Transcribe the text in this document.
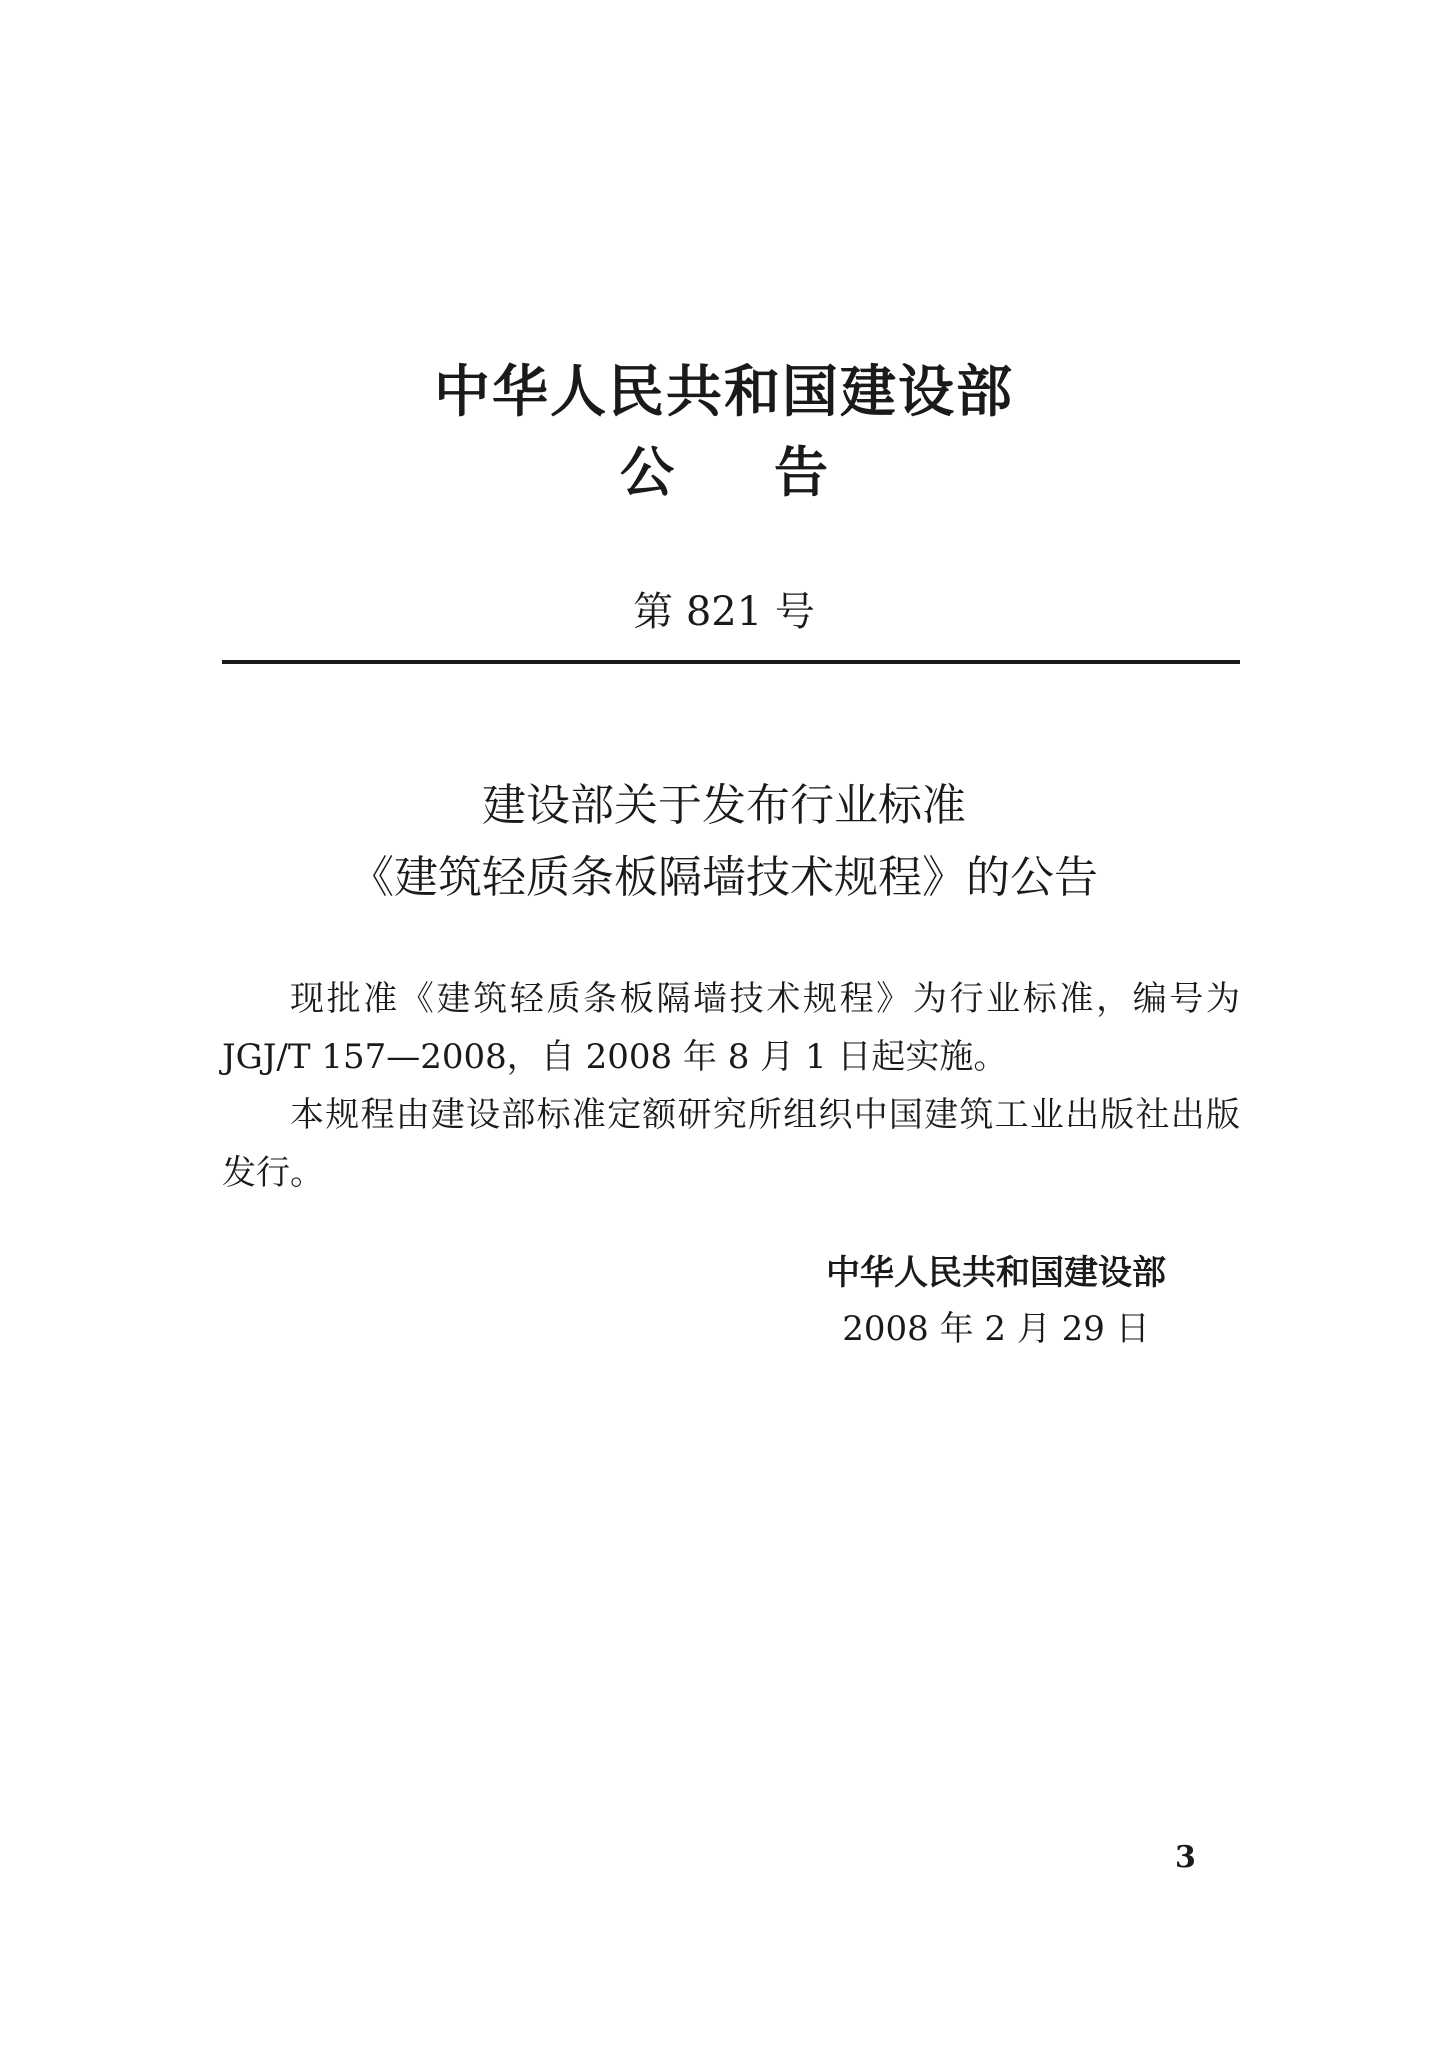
中华人民共和国建设部
公告
第 821 号
建设部关于发布行业标准
《建筑轻质条板隔墙技术规程》的公告

现批准《建筑轻质条板隔墙技术规程》为行业标准，编号为 JGJ/T 157—2008，自 2008 年 8 月 1 日起实施。

本规程由建设部标准定额研究所组织中国建筑工业出版社出版发行。

中华人民共和国建设部
2008 年 2 月 29 日
3
